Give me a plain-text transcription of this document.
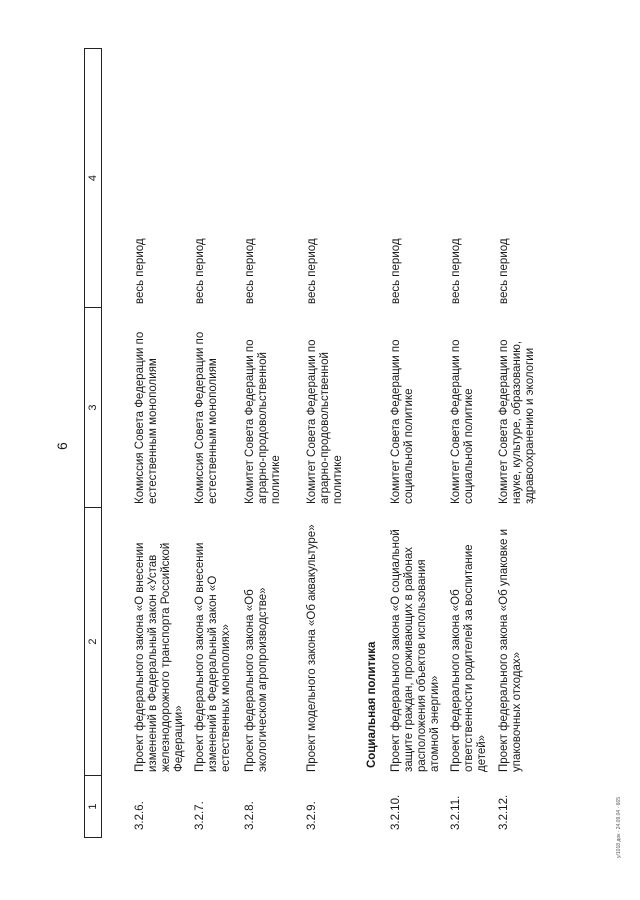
6
1
2
3
4
3.2.6.
Проект федерального закона «О внесении изменений в Федеральный закон «Устав железнодорожного транспорта Российской Федерации»
Комиссия Совета Федерации по естественным монополиям
весь период
3.2.7.
Проект федерального закона «О внесении изменений в Федеральный закон «О естественных монополиях»
Комиссия Совета Федерации по естественным монополиям
весь период
3.2.8.
Проект федерального закона «Об экологическом агропроизводстве»
Комитет Совета Федерации по аграрно-продовольственной политике
весь период
3.2.9.
Проект модельного закона «Об аквакультуре»
Комитет Совета Федерации по аграрно-продовольственной политике
весь период
Социальная политика
3.2.10.
Проект федерального закона «О социальной защите граждан, проживающих в районах расположения объектов использования атомной энергии»
Комитет Совета Федерации по социальной политике
весь период
3.2.11.
Проект федерального закона «Об ответственности родителей за воспитание детей»
Комитет Совета Федерации по социальной политике
весь период
3.2.12.
Проект федерального закона «Об упаковке и упаковочных отходах»
Комитет Совета Федерации по науке, культуре, образованию, здравоохранению и экологии
весь период
у/1018 док · 24.09.04 · 665
